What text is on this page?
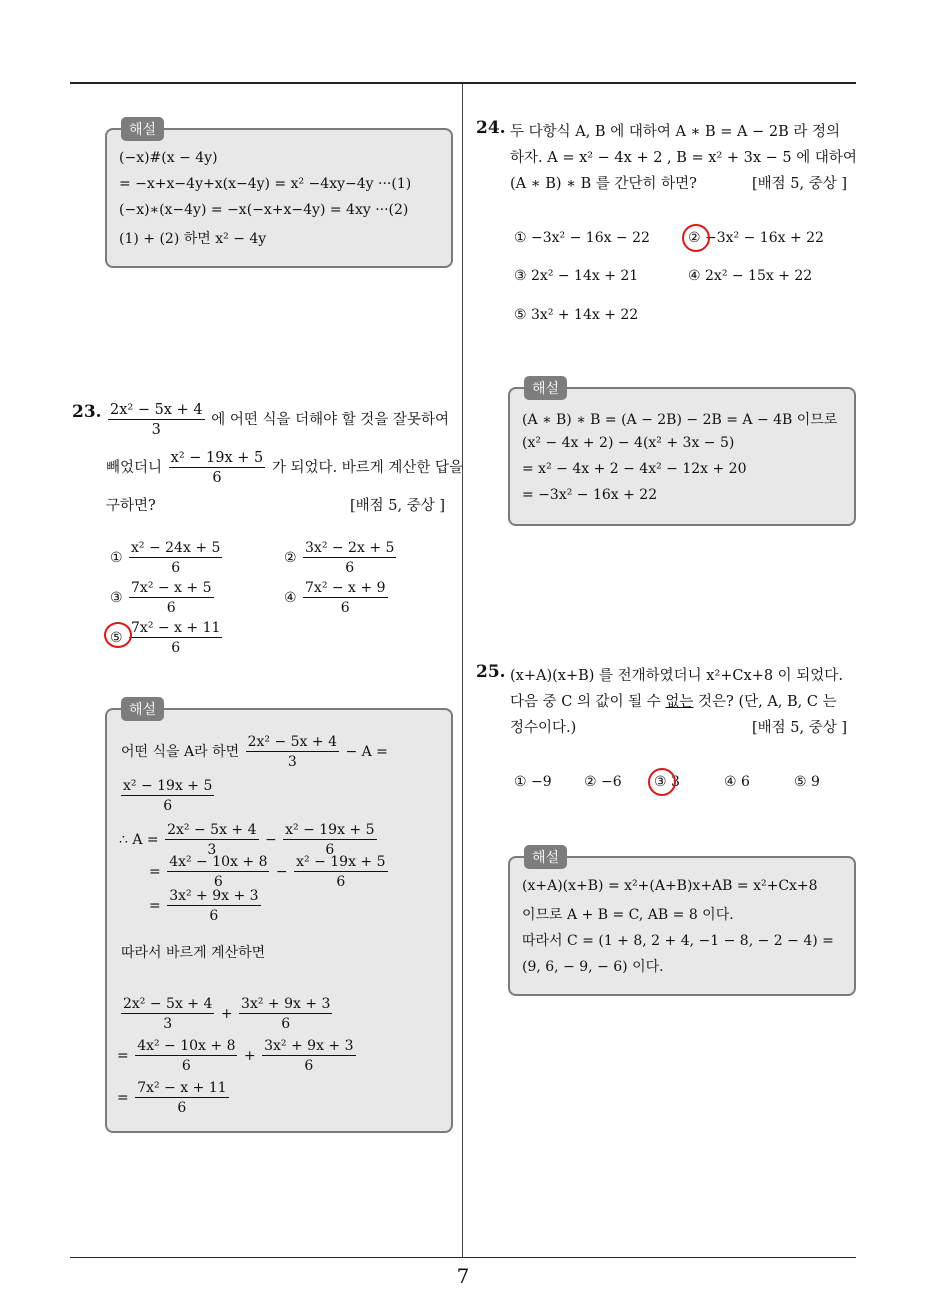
7
해설
(−x)#(x − 4y)
= −x+x−4y+x(x−4y) = x² −4xy−4y ···(1)
(−x)∗(x−4y) = −x(−x+x−4y) = 4xy ···(2)
(1) + (2) 하면 x² − 4y
23. $\frac{\text{2x² − 5x + 4}}{3}$ 에 어떤 식을 더해야 할 것을 잘못하여
빼었더니 $\frac{\text{x² − 19x + 5}}{6}$ 가 되었다. 바르게 계산한 답을
구하면?	[배점 5, 중상 ]
① $\frac{\text{x² − 24x + 5}}{6}$	② $\frac{\text{3x² − 2x + 5}}{6}$
③ $\frac{\text{7x² − x + 5}}{6}$	④ $\frac{\text{7x² − x + 9}}{6}$
⑤ $\frac{\text{7x² − x + 11}}{6}$
해설
어떤 식을 A라 하면 $\frac{\text{2x² − 5x + 4}}{3} - A$ =
$\frac{\text{x² − 19x + 5}}{6}$
∴ $A = \frac{\text{2x² − 5x + 4}}{3} - \frac{\text{x² − 19x + 5}}{6}$
= $\frac{\text{4x² − 10x + 8}}{6} - \frac{\text{x² − 19x + 5}}{6}$
= $\frac{\text{3x² + 9x + 3}}{6}$
따라서 바르게 계산하면
$\frac{\text{2x² − 5x + 4}}{3} + \frac{\text{3x² + 9x + 3}}{6}$
= $\frac{\text{4x² − 10x + 8}}{6} + \frac{\text{3x² + 9x + 3}}{6}$
= $\frac{\text{7x² − x + 11}}{6}$
24. 두 다항식 A, B 에 대하여 A ∗ B = A − 2B 라 정의
하자. A = x² − 4x + 2 , B = x² + 3x − 5 에 대하여
(A ∗ B) ∗ B 를 간단히 하면?	[배점 5, 중상 ]
① −3x² − 16x − 22	② −3x² − 16x + 22
③ 2x² − 14x + 21	④ 2x² − 15x + 22
⑤ 3x² + 14x + 22
해설
(A ∗ B) ∗ B = (A − 2B) − 2B = A − 4B 이므로
(x² − 4x + 2) − 4(x² + 3x − 5)
= x² − 4x + 2 − 4x² − 12x + 20
= −3x² − 16x + 22
25. (x+A)(x+B) 를 전개하였더니 x²+Cx+8 이 되었다.
다음 중 C 의 값이 될 수 없는 것은? (단, A, B, C 는
정수이다.)	[배점 5, 중상 ]
① −9 ② −6 ③ 3	④ 6	⑤ 9
해설
(x+A)(x+B) = x²+(A+B)x+AB = x²+Cx+8
이므로 A + B = C, AB = 8 이다.
따라서 C = (1 + 8, 2 + 4, −1 − 8, − 2 − 4) =
(9, 6, − 9, − 6) 이다.
